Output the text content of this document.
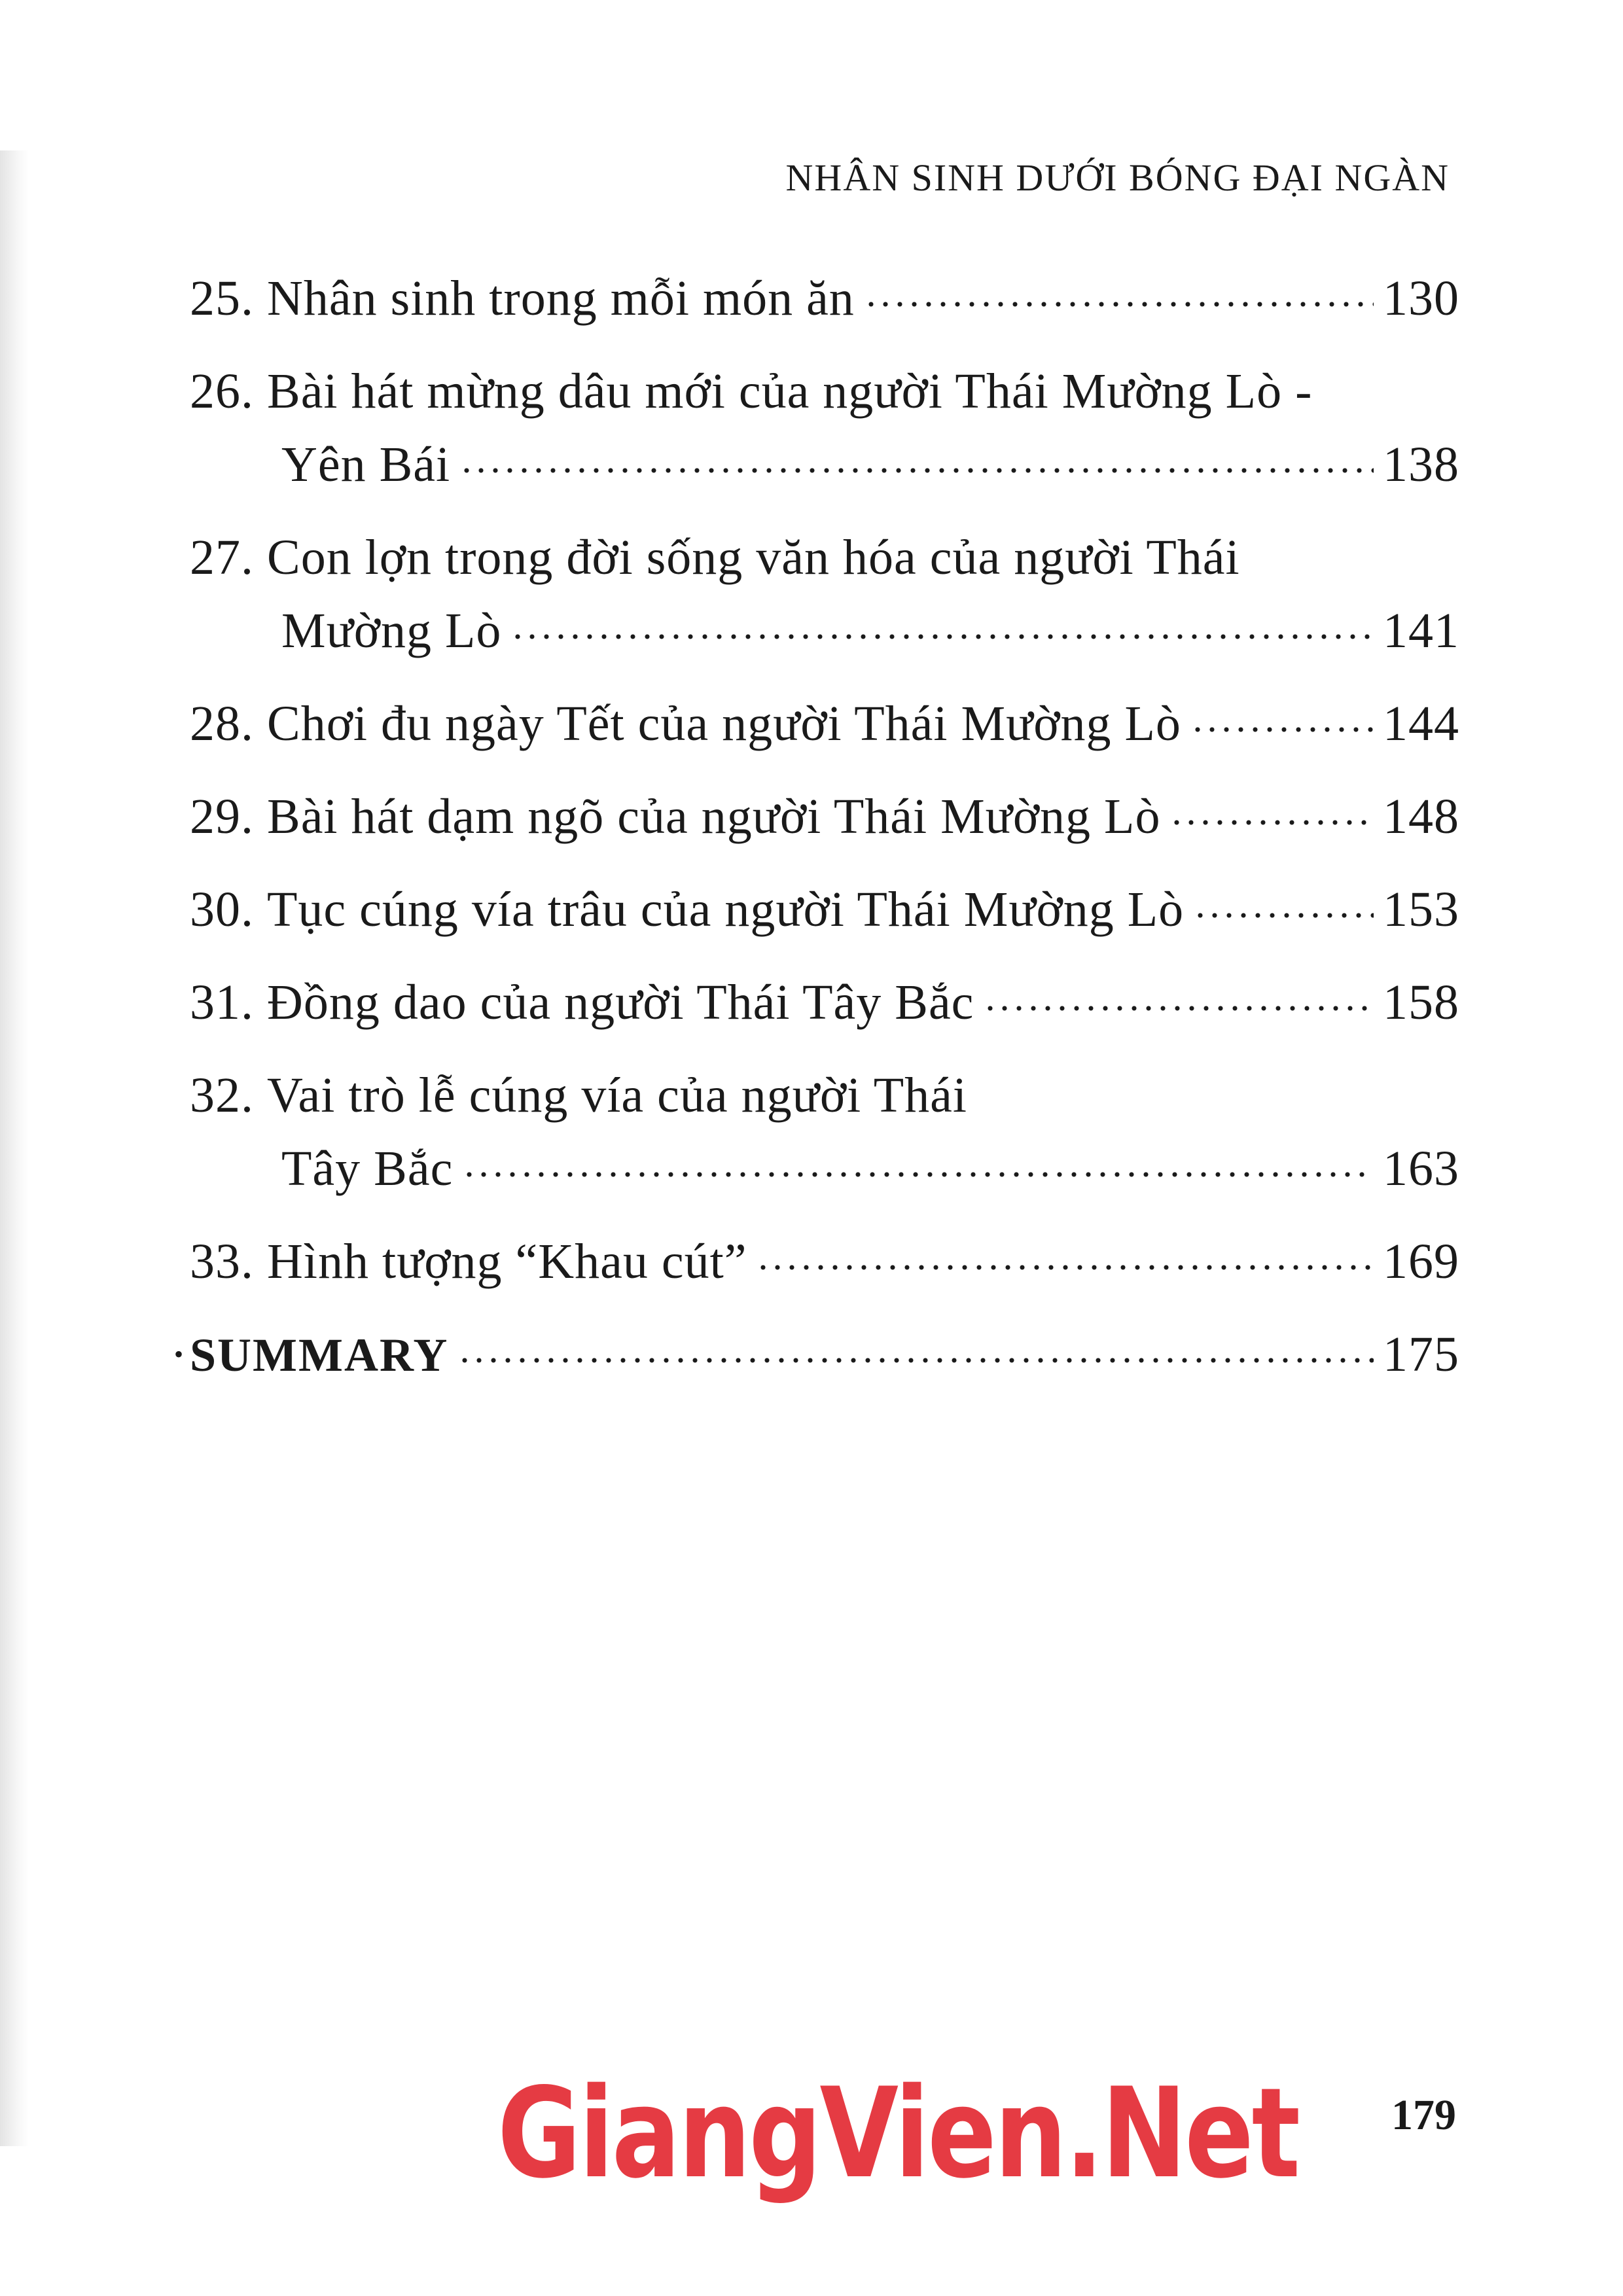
NHÂN SINH DƯỚI BÓNG ĐẠI NGÀN
25. Nhân sinh trong mỗi món ăn	130
26. Bài hát mừng dâu mới của người Thái Mường Lò -
Yên Bái	138
27. Con lợn trong đời sống văn hóa của người Thái
Mường Lò	141
28. Chơi đu ngày Tết của người Thái Mường Lò	144
29. Bài hát dạm ngõ của người Thái Mường Lò	148
30. Tục cúng vía trâu của người Thái Mường Lò	153
31. Đồng dao của người Thái Tây Bắc	158
32. Vai trò lễ cúng vía của người Thái
Tây Bắc	163
33. Hình tượng “Khau cút”	169
• SUMMARY	175
GiangVien.Net 179
